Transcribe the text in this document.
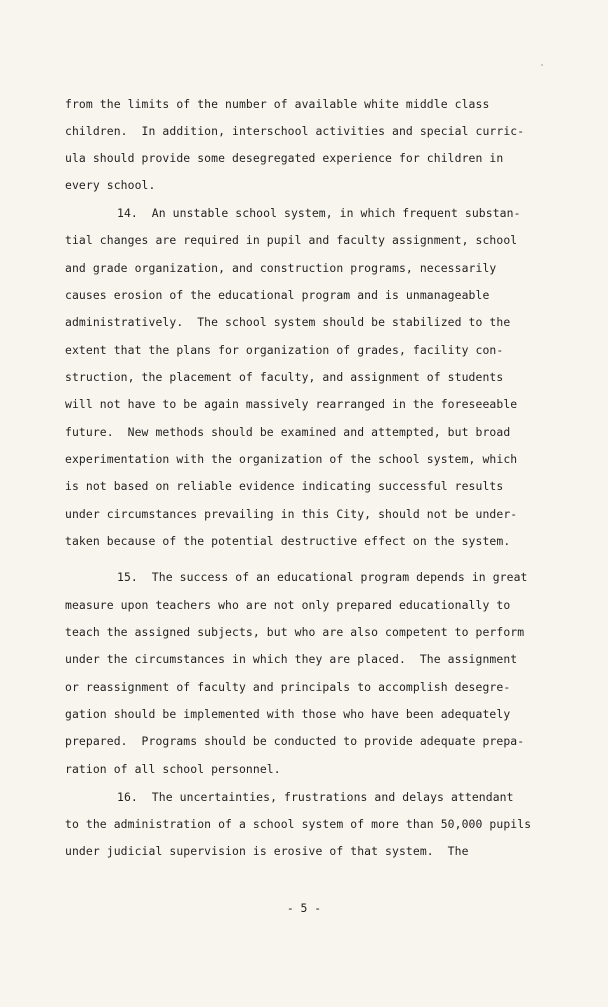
from the limits of the number of available white middle class
children.  In addition, interschool activities and special curric-
ula should provide some desegregated experience for children in
every school.
14.  An unstable school system, in which frequent substan-
tial changes are required in pupil and faculty assignment, school
and grade organization, and construction programs, necessarily
causes erosion of the educational program and is unmanageable
administratively.  The school system should be stabilized to the
extent that the plans for organization of grades, facility con-
struction, the placement of faculty, and assignment of students
will not have to be again massively rearranged in the foreseeable
future.  New methods should be examined and attempted, but broad
experimentation with the organization of the school system, which
is not based on reliable evidence indicating successful results
under circumstances prevailing in this City, should not be under-
taken because of the potential destructive effect on the system.
15.  The success of an educational program depends in great
measure upon teachers who are not only prepared educationally to
teach the assigned subjects, but who are also competent to perform
under the circumstances in which they are placed.  The assignment
or reassignment of faculty and principals to accomplish desegre-
gation should be implemented with those who have been adequately
prepared.  Programs should be conducted to provide adequate prepa-
ration of all school personnel.
16.  The uncertainties, frustrations and delays attendant
to the administration of a school system of more than 50,000 pupils
under judicial supervision is erosive of that system.  The
- 5 -
